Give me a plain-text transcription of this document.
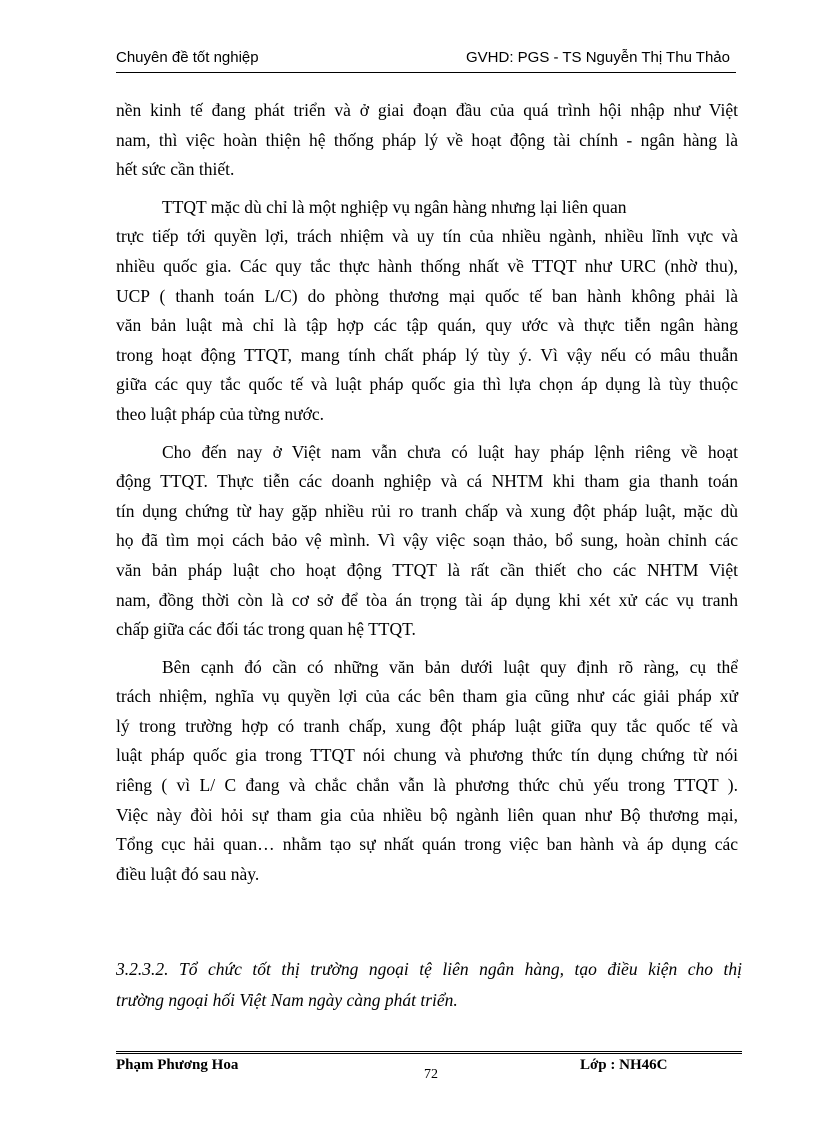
Chuyên đề tốt nghiệp	GVHD: PGS - TS Nguyễn Thị Thu Thảo
nền kinh tế đang phát triển và ở giai đoạn đầu của quá trình hội nhập như Việt
nam, thì việc hoàn thiện hệ thống pháp lý về hoạt động tài chính - ngân hàng là
hết sức cần thiết.
TTQT mặc dù chỉ là một nghiệp vụ ngân hàng nhưng lại liên quan
trực tiếp tới quyền lợi, trách nhiệm và uy tín của nhiều ngành, nhiều lĩnh vực và
nhiều quốc gia. Các quy tắc thực hành thống nhất về TTQT như URC (nhờ thu),
UCP ( thanh toán L/C) do phòng thương mại quốc tế ban hành không phải là
văn bản luật mà chỉ là tập hợp các tập quán, quy ước và thực tiễn ngân hàng
trong hoạt động TTQT, mang tính chất pháp lý tùy ý. Vì vậy nếu có mâu thuẫn
giữa các quy tắc quốc tế và luật pháp quốc gia thì lựa chọn áp dụng là tùy thuộc
theo luật pháp của từng nước.
Cho đến nay ở Việt nam vẫn chưa có luật hay pháp lệnh riêng về hoạt
động TTQT. Thực tiễn các doanh nghiệp và cá NHTM khi tham gia thanh toán
tín dụng chứng từ hay gặp nhiều rủi ro tranh chấp và xung đột pháp luật, mặc dù
họ đã tìm mọi cách bảo vệ mình. Vì vậy việc soạn thảo, bổ sung, hoàn chỉnh các
văn bản pháp luật cho hoạt động TTQT là rất cần thiết cho các NHTM Việt
nam, đồng thời còn là cơ sở để tòa án trọng tài áp dụng khi xét xử các vụ tranh
chấp giữa các đối tác trong quan hệ TTQT.
Bên cạnh đó cần có những văn bản dưới luật quy định rõ ràng, cụ thể
trách nhiệm, nghĩa vụ quyền lợi của các bên tham gia cũng như các giải pháp xử
lý trong trường hợp có tranh chấp, xung đột pháp luật giữa quy tắc quốc tế và
luật pháp quốc gia trong TTQT nói chung và phương thức tín dụng chứng từ nói
riêng ( vì L/ C đang và chắc chắn vẫn là phương thức chủ yếu trong TTQT ).
Việc này đòi hỏi sự tham gia của nhiều bộ ngành liên quan như Bộ thương mại,
Tổng cục hải quan… nhằm tạo sự nhất quán trong việc ban hành và áp dụng các
điều luật đó sau này.
3.2.3.2. Tổ chức tốt thị trường ngoại tệ liên ngân hàng, tạo điều kiện cho thị
trường ngoại hối Việt Nam ngày càng phát triển.
Phạm Phương Hoa
72
Lớp : NH46C
